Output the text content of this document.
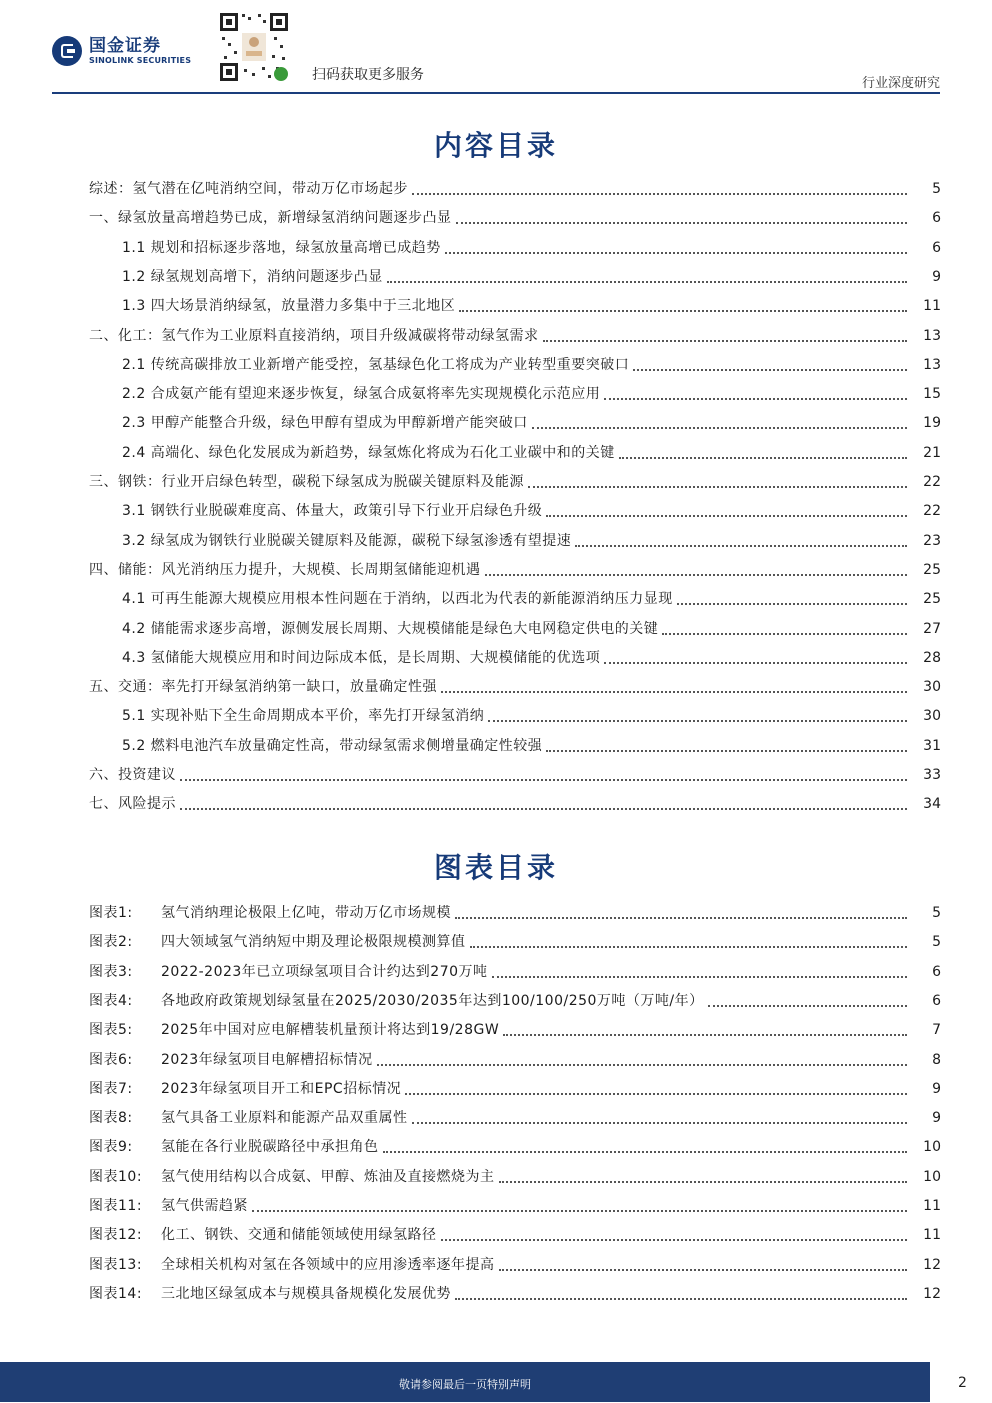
国金证券
SINOLINK SECURITIES
扫码获取更多服务
行业深度研究
内容目录
综述：氢气潜在亿吨消纳空间，带动万亿市场起步	5
一、绿氢放量高增趋势已成，新增绿氢消纳问题逐步凸显	6
1.1 规划和招标逐步落地，绿氢放量高增已成趋势	6
1.2 绿氢规划高增下，消纳问题逐步凸显	9
1.3 四大场景消纳绿氢，放量潜力多集中于三北地区	11
二、化工：氢气作为工业原料直接消纳，项目升级减碳将带动绿氢需求	13
2.1 传统高碳排放工业新增产能受控，氢基绿色化工将成为产业转型重要突破口	13
2.2 合成氨产能有望迎来逐步恢复，绿氢合成氨将率先实现规模化示范应用	15
2.3 甲醇产能整合升级，绿色甲醇有望成为甲醇新增产能突破口	19
2.4 高端化、绿色化发展成为新趋势，绿氢炼化将成为石化工业碳中和的关键	21
三、钢铁：行业开启绿色转型，碳税下绿氢成为脱碳关键原料及能源	22
3.1 钢铁行业脱碳难度高、体量大，政策引导下行业开启绿色升级	22
3.2 绿氢成为钢铁行业脱碳关键原料及能源，碳税下绿氢渗透有望提速	23
四、储能：风光消纳压力提升，大规模、长周期氢储能迎机遇	25
4.1 可再生能源大规模应用根本性问题在于消纳，以西北为代表的新能源消纳压力显现	25
4.2 储能需求逐步高增，源侧发展长周期、大规模储能是绿色大电网稳定供电的关键	27
4.3 氢储能大规模应用和时间边际成本低，是长周期、大规模储能的优选项	28
五、交通：率先打开绿氢消纳第一缺口，放量确定性强	30
5.1 实现补贴下全生命周期成本平价，率先打开绿氢消纳	30
5.2 燃料电池汽车放量确定性高，带动绿氢需求侧增量确定性较强	31
六、投资建议	33
七、风险提示	34
图表目录
图表1: 氢气消纳理论极限上亿吨，带动万亿市场规模	5
图表2: 四大领域氢气消纳短中期及理论极限规模测算值	5
图表3: 2022-2023年已立项绿氢项目合计约达到270万吨	6
图表4: 各地政府政策规划绿氢量在2025/2030/2035年达到100/100/250万吨（万吨/年）	6
图表5: 2025年中国对应电解槽装机量预计将达到19/28GW	7
图表6: 2023年绿氢项目电解槽招标情况	8
图表7: 2023年绿氢项目开工和EPC招标情况	9
图表8: 氢气具备工业原料和能源产品双重属性	9
图表9: 氢能在各行业脱碳路径中承担角色	10
图表10: 氢气使用结构以合成氨、甲醇、炼油及直接燃烧为主	10
图表11: 氢气供需趋紧	11
图表12: 化工、钢铁、交通和储能领域使用绿氢路径	11
图表13: 全球相关机构对氢在各领域中的应用渗透率逐年提高	12
图表14: 三北地区绿氢成本与规模具备规模化发展优势	12
敬请参阅最后一页特别声明	2
